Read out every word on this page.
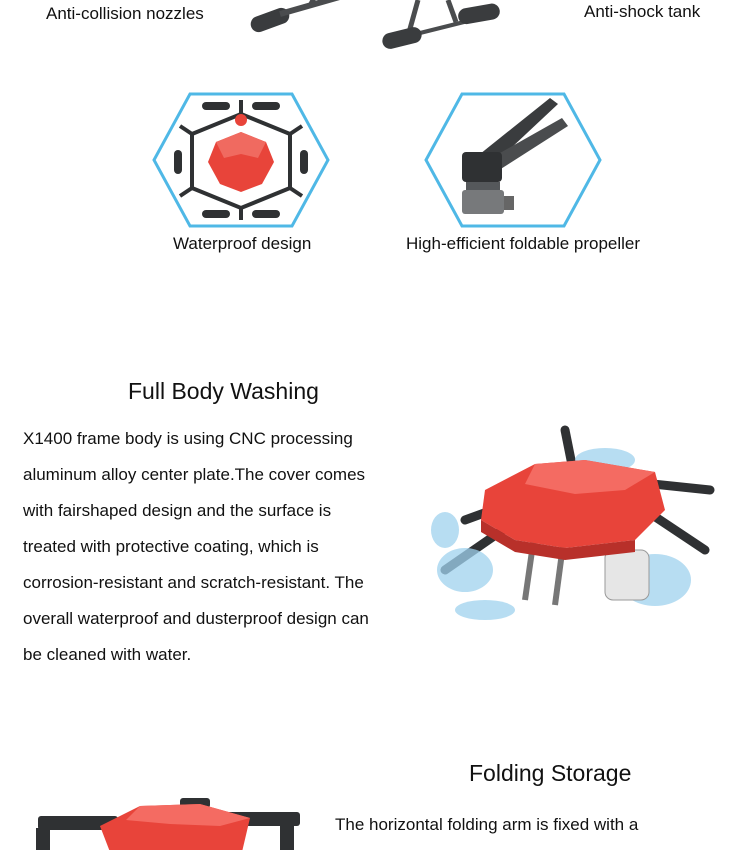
Anti-collision nozzles	Anti-shock tank
Waterproof design	High-efficient foldable propeller
Full Body Washing
X1400 frame body is using CNC processing
aluminum alloy center plate.The cover comes
with fairshaped design and the surface is
treated with protective coating, which is
corrosion-resistant and scratch-resistant. The
overall waterproof and dusterproof design can
be cleaned with water.
Folding Storage
The horizontal folding arm is fixed with a
